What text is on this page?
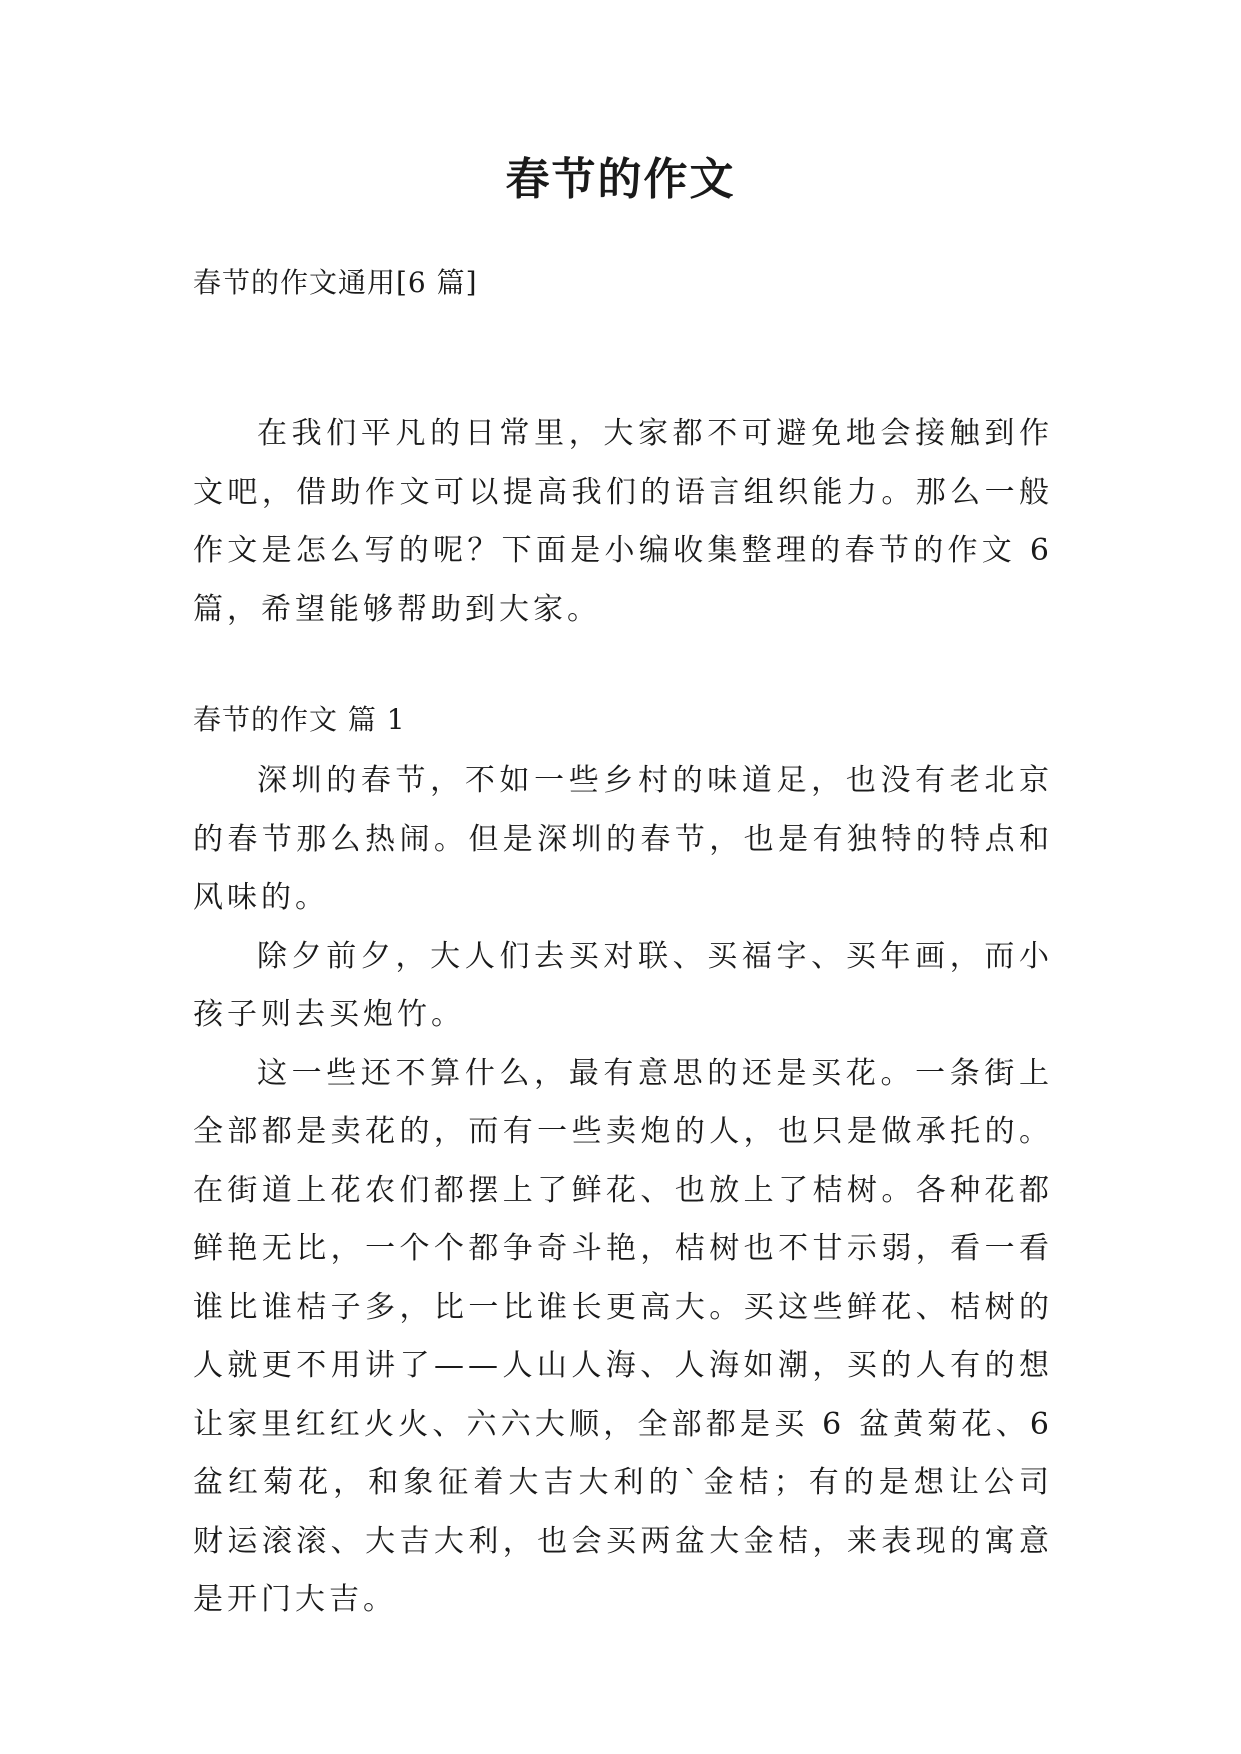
春节的作文

春节的作文通用[6 篇]

在我们平凡的日常里，大家都不可避免地会接触到作文吧，借助作文可以提高我们的语言组织能力。那么一般作文是怎么写的呢？下面是小编收集整理的春节的作文 6 篇，希望能够帮助到大家。

春节的作文 篇 1

深圳的春节，不如一些乡村的味道足，也没有老北京的春节那么热闹。但是深圳的春节，也是有独特的特点和风味的。

除夕前夕，大人们去买对联、买福字、买年画，而小孩子则去买炮竹。

这一些还不算什么，最有意思的还是买花。一条街上全部都是卖花的，而有一些卖炮的人，也只是做承托的。在街道上花农们都摆上了鲜花、也放上了桔树。各种花都鲜艳无比，一个个都争奇斗艳，桔树也不甘示弱，看一看谁比谁桔子多，比一比谁长更高大。买这些鲜花、桔树的人就更不用讲了——人山人海、人海如潮，买的人有的想让家里红红火火、六六大顺，全部都是买 6 盆黄菊花、6 盆红菊花，和象征着大吉大利的`金桔；有的是想让公司财运滚滚、大吉大利，也会买两盆大金桔，来表现的寓意是开门大吉。
